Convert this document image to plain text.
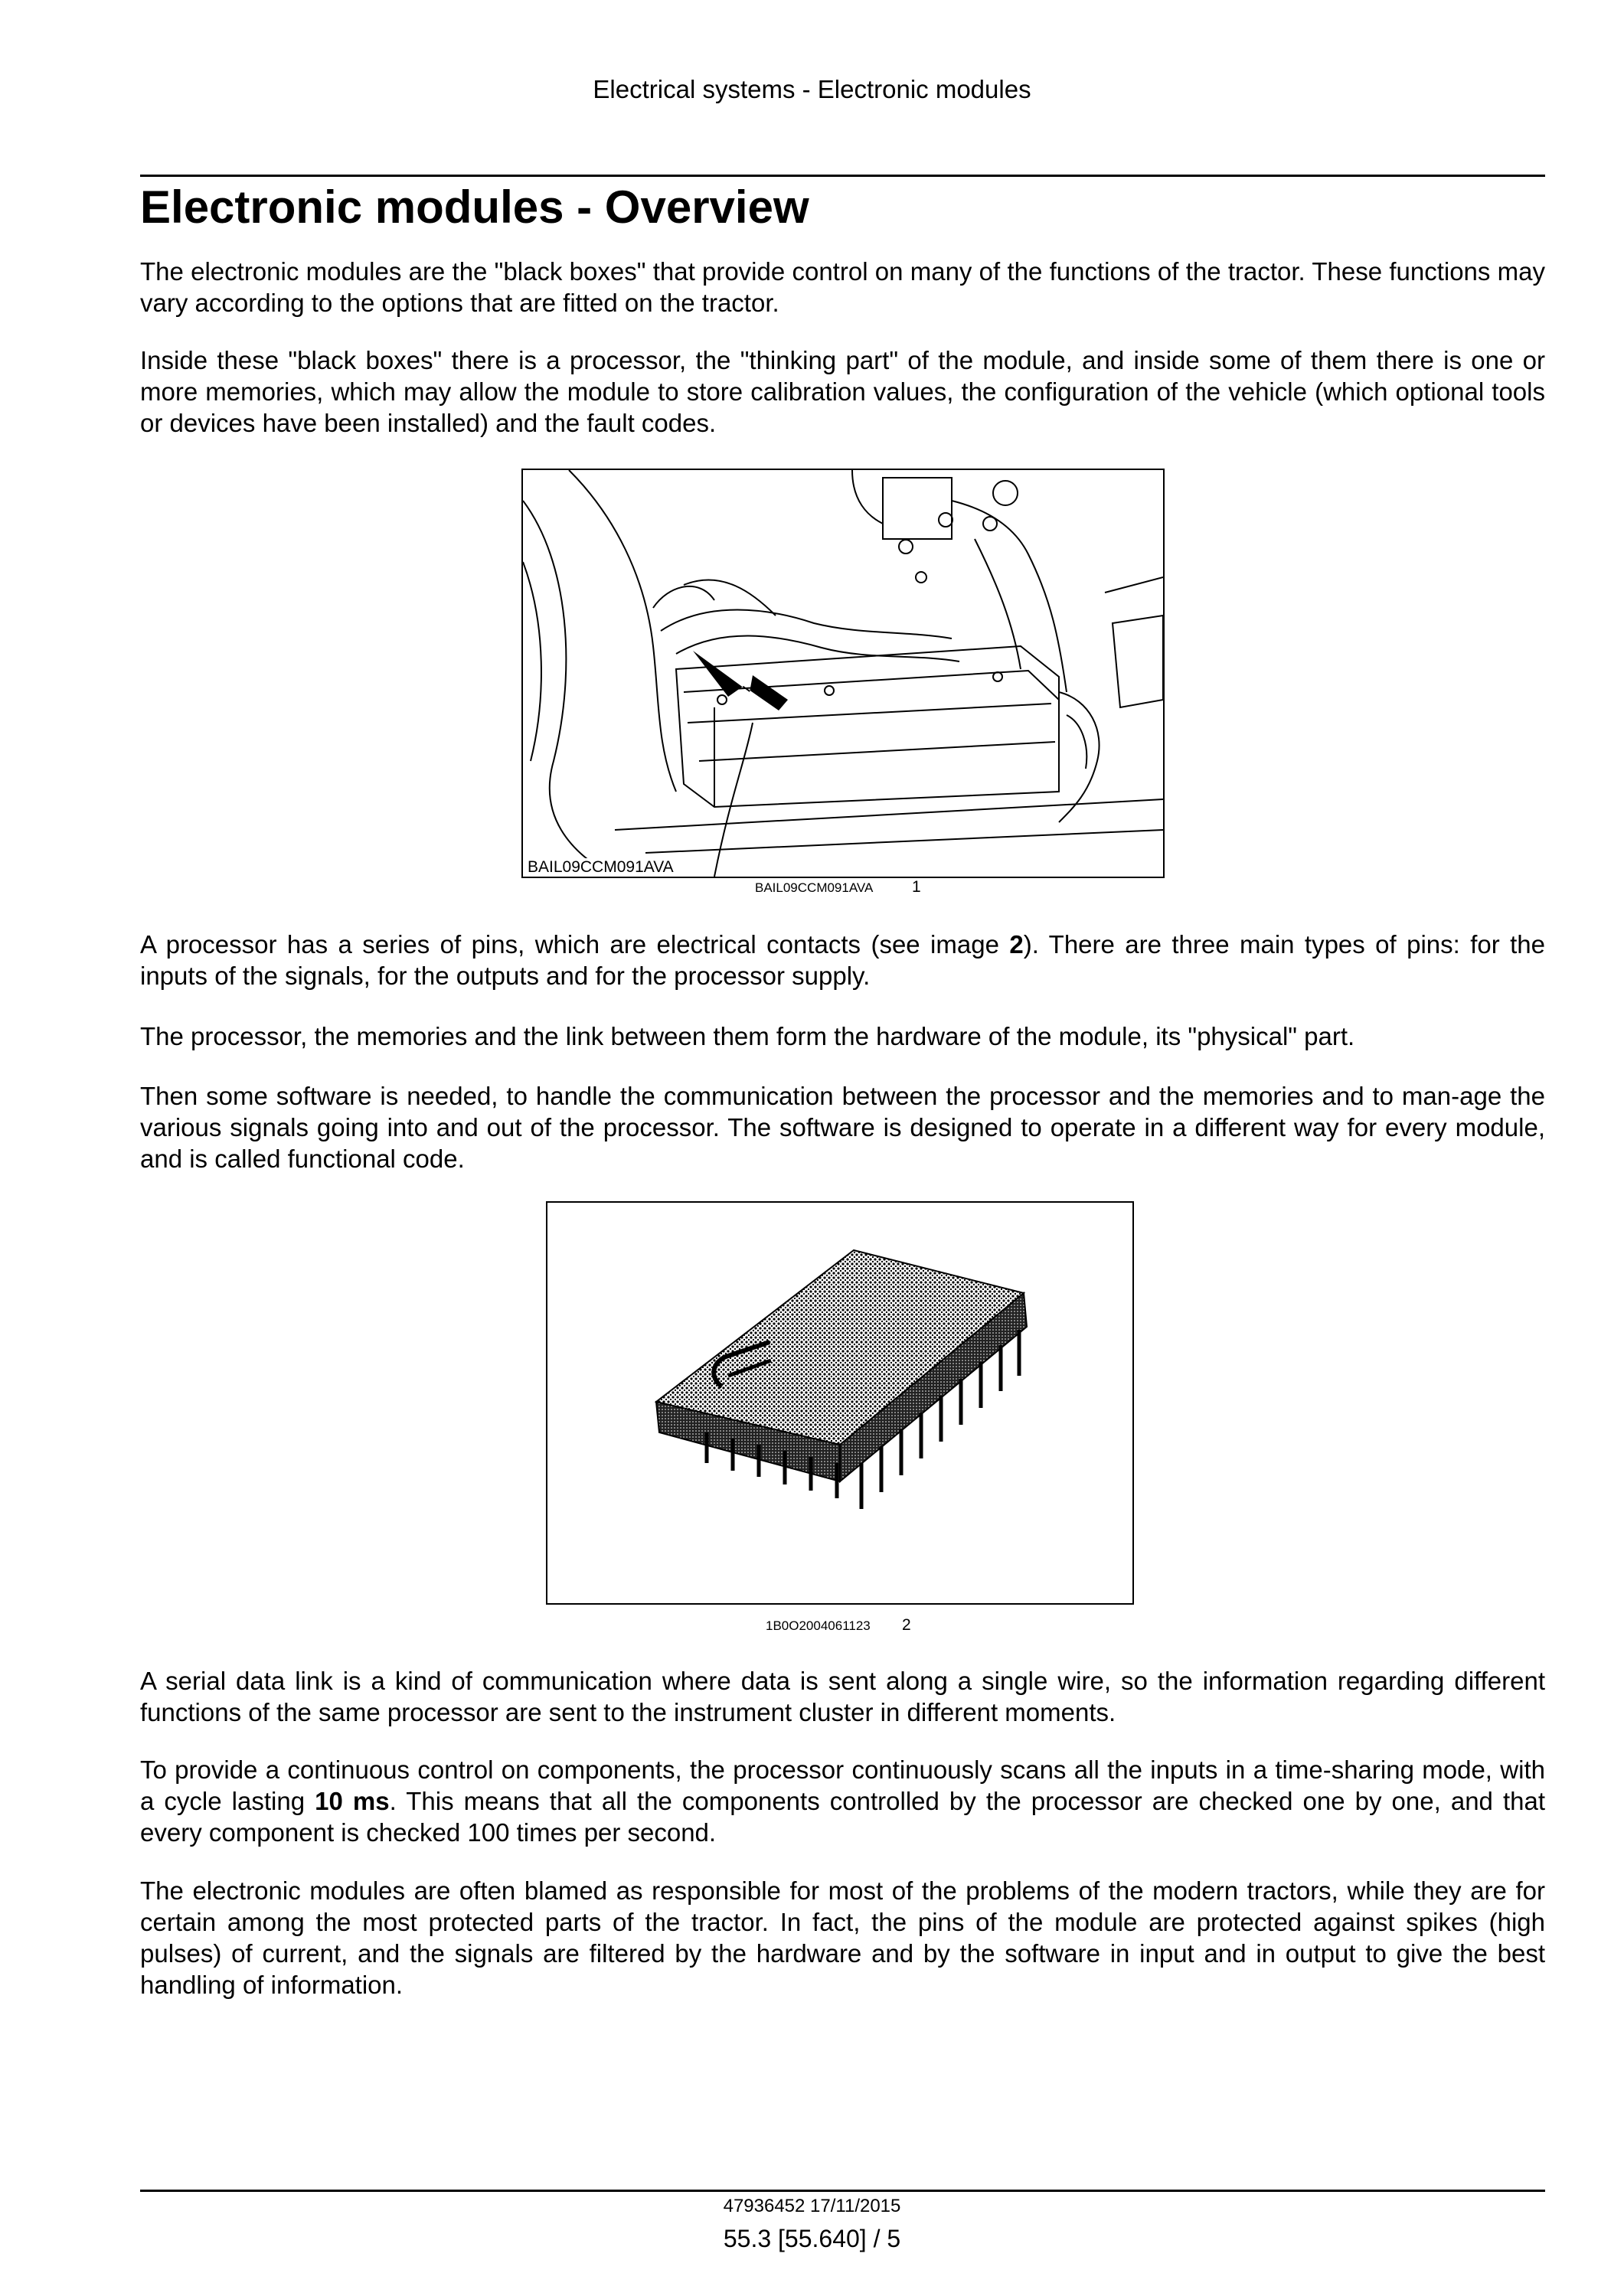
Electrical systems - Electronic modules
Electronic modules - Overview

The electronic modules are the "black boxes" that provide control on many of the functions of the tractor. These functions may vary according to the options that are fitted on the tractor.

Inside these "black boxes" there is a processor, the "thinking part" of the module, and inside some of them there is one or more memories, which may allow the module to store calibration values, the configuration of the vehicle (which optional tools or devices have been installed) and the fault codes.

BAIL09CCM091AVA
BAIL09CCM091AVA 1

A processor has a series of pins, which are electrical contacts (see image 2). There are three main types of pins: for the inputs of the signals, for the outputs and for the processor supply.

The processor, the memories and the link between them form the hardware of the module, its "physical" part.

Then some software is needed, to handle the communication between the processor and the memories and to man-age the various signals going into and out of the processor. The software is designed to operate in a different way for every module, and is called functional code.

1B0O2004061123 2

A serial data link is a kind of communication where data is sent along a single wire, so the information regarding different functions of the same processor are sent to the instrument cluster in different moments.

To provide a continuous control on components, the processor continuously scans all the inputs in a time-sharing mode, with a cycle lasting 10 ms. This means that all the components controlled by the processor are checked one by one, and that every component is checked 100 times per second.

The electronic modules are often blamed as responsible for most of the problems of the modern tractors, while they are for certain among the most protected parts of the tractor. In fact, the pins of the module are protected against spikes (high pulses) of current, and the signals are filtered by the hardware and by the software in input and in output to give the best handling of information.

47936452 17/11/2015
55.3 [55.640] / 5
